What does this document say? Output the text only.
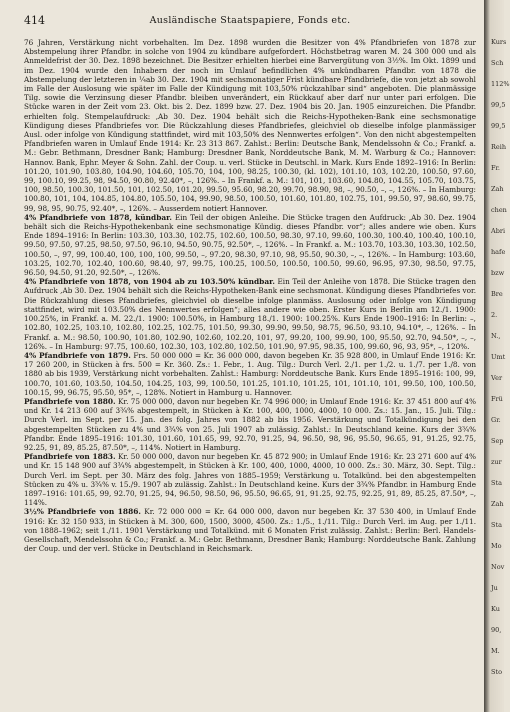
414	Ausländische Staatspapiere, Fonds etc.

76 Jahren, Verstärkung nicht vorbehalten. Im Dez. 1898 wurden die Besitzer von 4% Pfandbriefen von 1878 zur Abstempelung ihrer Pfandbr. in solche von 1904 zu kündbare aufgefordert. Höchstbetrag waren M. 24 300 000 und als Anmeldefrist der 30. Dez. 1898 bezeichnet. Die Besitzer erhielten hierbei eine Barvergütung von 3½%. Im Okt. 1899 und im Dez. 1904 wurde den Inhabern der noch im Umlauf befindlichen 4% unkündbaren Pfandbr. von 1878 die Abstempelung der letzteren in ¼ab 30. Dez. 1904 mit sechsmonatiger Frist kündbare Pfandbriefe, die von jetzt ab sowohl im Falle der Auslosung wie später im Falle der Kündigung mit 103,50% rückzahlbar sind“ angeboten. Die planmässige Tilg. sowie die Verzinsung dieser Pfandbr. bleiben unverändert, ein Rückkauf aber darf nur unter pari erfolgen. Die Stücke waren in der Zeit vom 23. Okt. bis 2. Dez. 1899 bzw. 27. Dez. 1904 bis 20. Jan. 1905 einzureichen. Die Pfandbr. erhielten folg. Stempelaufdruck: ,Ab 30. Dez. 1904 behält sich die Reichs-Hypotheken-Bank eine sechsmonatige Kündigung dieses Pfandbriefes vor. Die Rückzahlung dieses Pfandbriefes, gleichviel ob dieselbe infolge planmässiger Ausl. oder infolge von Kündigung stattfindet, wird mit 103,50% des Nennwertes erfolgen“. Von den nicht abgestempelten Pfandbriefen waren in Umlauf Ende 1914: Kr. 23 313 867. Zahlst.: Berlin: Deutsche Bank, Mendelssohn & Co.; Frankf. a. M.: Gebr. Bethmann, Dresdner Bank; Hamburg: Dresdner Bank, Norddeutsche Bank, M. M. Warburg & Co.; Hannover: Hannov. Bank, Ephr. Meyer & Sohn. Zahl. der Coup. u. verl. Stücke in Deutschl. in Mark. Kurs Ende 1892–1916: In Berlin: 101.20, 101.90, 103.80, 104.90, 104.60, 105.70, 104, 100, 98.25, 100.30, (kl. 102), 101.10, 103, 102.20, 100.50, 97.60, 99, 100.10, 99.25, 98, 94.50, 90.80, 92.40*, –, 126%. – In Frankf. a. M.: 101, 101, 103.60, 104.80, 104.55, 105.70, 103.75, 100, 98.50, 100.30, 101.50, 101, 102.50, 101.20, 99.50, 95.60, 98.20, 99.70, 98.90, 98, –, 90.50, –, –, 126%. – In Hamburg: 100.80, 101, 104, 104.85, 104.80, 105.50, 104, 99.90, 98.50, 100.50, 101.60, 101.80, 102.75, 101, 99.50, 97, 98.60, 99.75, 99, 98, 95, 90.75, 92.40*, –, 126%. – Ausserdem notiert Hannover.

4% Pfandbriefe von 1878, kündbar. Ein Teil der obigen Anleihe. Die Stücke tragen den Aufdruck: ,Ab 30. Dez. 1904 behält sich die Reichs-Hypothekenbank eine sechsmonatige Kündig. dieses Pfandbr. vor“; alles andere wie oben. Kurs Ende 1894–1916: In Berlin: 103.30, 103.30, 102.75, 102.60, 100.50, 98.30, 97.10, 99.60, 100.30, 100.40, 100.40, 100.10, 99.50, 97.50, 97.25, 98.50, 97.50, 96.10, 94.50, 90.75, 92.50*, –, 126%. – In Frankf. a. M.: 103.70, 103.30, 103.30, 102.50, 100.50, –, 97, 99, 100.40, 100, 100, 100, 99.50, –, 97.20, 98.30, 97.10, 98, 95.50, 90.30, –, –, 126%. – In Hamburg: 103.60, 103.25, 102.70, 102.40, 100.60, 98.40, 97, 99.75, 100.25, 100.50, 100.50, 100.50, 99.60, 96.95, 97.30, 98.50, 97.75, 96.50, 94.50, 91.20, 92.50*, –, 126%.

4% Pfandbriefe von 1878, von 1904 ab zu 103.50% kündbar. Ein Teil der Anleihe von 1878. Die Stücke tragen den Aufdruck ,Ab 30. Dez. 1904 behält sich die Reichs-Hypotheken-Bank eine sechsmonat. Kündigung dieses Pfandbriefes vor. Die Rückzahlung dieses Pfandbriefes, gleichviel ob dieselbe infolge planmäss. Auslosung oder infolge von Kündigung stattfindet, wird mit 103.50% des Nennwertes erfolgen“; alles andere wie oben. Erster Kurs in Berlin am 12./1. 1900: 100.25%, in Frankf. a. M. 22./1. 1900: 100.50%, in Hamburg 18./1. 1900: 100.25%. Kurs Ende 1900–1916: In Berlin: –, 102.80, 102.25, 103.10, 102.80, 102.25, 102.75, 101.50, 99.30, 99.90, 99.50, 98.75, 96.50, 93.10, 94.10*, –, 126%. – In Frankf. a. M.: 98.50, 100.90, 101.80, 102.90, 102.60, 102.20, 101, 97, 99.20, 100, 99.90, 100, 95.50, 92.70, 94.50*, –, –, 126%. – In Hamburg: 97.75, 100.60, 102.30, 103, 102.80, 102.50, 101.90, 97.95, 98.35, 100, 99.60, 96, 93, 95*, –, 120%.

4% Pfandbriefe von 1879. Frs. 50 000 000 = Kr. 36 000 000, davon begeben Kr. 35 928 800, in Umlauf Ende 1916: Kr. 17 260 200, in Stücken à frs. 500 = Kr. 360. Zs.: 1. Febr., 1. Aug. Tilg.: Durch Verl. 2./1. per 1./2. u. 1./7. per 1./8. von 1880 ab bis 1939, Verstärkung nicht vorbehalten. Zahlst.: Hamburg: Norddeutsche Bank. Kurs Ende 1895–1916: 100, 99, 100.70, 101.60, 103.50, 104.50, 104.25, 103, 99, 100.50, 101.25, 101.10, 101.25, 101, 101.10, 101, 99.50, 100, 100.50, 100.15, 99, 96.75, 95.50, 95*, –, 128%. Notiert in Hamburg u. Hannover.

Pfandbriefe von 1880. Kr. 75 000 000, davon nur begeben Kr. 74 996 000; in Umlauf Ende 1916: Kr. 37 451 800 auf 4% und Kr. 14 213 600 auf 3¾% abgestempelt, in Stücken à Kr. 100, 400, 1000, 4000, 10 000. Zs.: 15. Jan., 15. Juli. Tilg.: Durch Verl. im Sept. per 15. Jan. des folg. Jahres von 1882 ab bis 1956. Verstärkung und Totalkündigung bei den abgestempelten Stücken zu 4% und 3¾% von 25. Juli 1907 ab zulässig. Zahlst.: In Deutschland keine. Kurs der 3¾% Pfandbr. Ende 1895–1916: 101.30, 101.60, 101.65, 99, 92.70, 91.25, 94, 96.50, 98, 96, 95.50, 96.65, 91, 91.25, 92.75, 92.25, 91, 89, 85.25, 87.50*, –, 114%. Notiert in Hamburg.

Pfandbriefe von 1883. Kr. 50 000 000, davon nur begeben Kr. 45 872 900; in Umlauf Ende 1916: Kr. 23 271 600 auf 4% und Kr. 15 148 900 auf 3¾% abgestempelt, in Stücken à Kr. 100, 400, 1000, 4000, 10 000. Zs.: 30. März, 30. Sept. Tilg.: Durch Verl. im Sept. per 30. März des folg. Jahres von 1885–1959; Verstärkung u. Totalkünd. bei den abgestempelten Stücken zu 4% u. 3¾% v. 15./9. 1907 ab zulässig. Zahlst.: In Deutschland keine. Kurs der 3¾% Pfandbr. in Hamburg Ende 1897–1916: 101.65, 99, 92.70, 91.25, 94, 96.50, 98.50, 96, 95.50, 96.65, 91, 91.25, 92.75, 92.25, 91, 89, 85.25, 87.50*, –, 114%.

3½% Pfandbriefe von 1886. Kr. 72 000 000 = Kr. 64 000 000, davon nur begeben Kr. 37 530 400, in Umlauf Ende 1916: Kr. 32 150 933, in Stücken à M. 300, 600, 1500, 3000, 4500. Zs.: 1./5., 1./11. Tilg.: Durch Verl. im Aug. per 1./11. von 1888–1962; seit 1./11. 1901 Verstärkung und Totalkünd. mit 6 Monaten Frist zulässig. Zahlst.: Berlin: Berl. Handels-Gesellschaft, Mendelssohn & Co.; Frankf. a. M.: Gebr. Bethmann, Dresdner Bank; Hamburg: Norddeutsche Bank. Zahlung der Coup. und der verl. Stücke in Deutschland in Reichsmark.

Kurs
Sch
112%
99,5
99,5
Reih
Fr.
Zah
chen
Abri
hafe
bzw
Bre
2.
N.,
Umt
Ver
Frü
Gr.
Sep
zur
Sta
Zah
Sta
Mo
Nov
Ju
Ku
90,
M.
Sto
